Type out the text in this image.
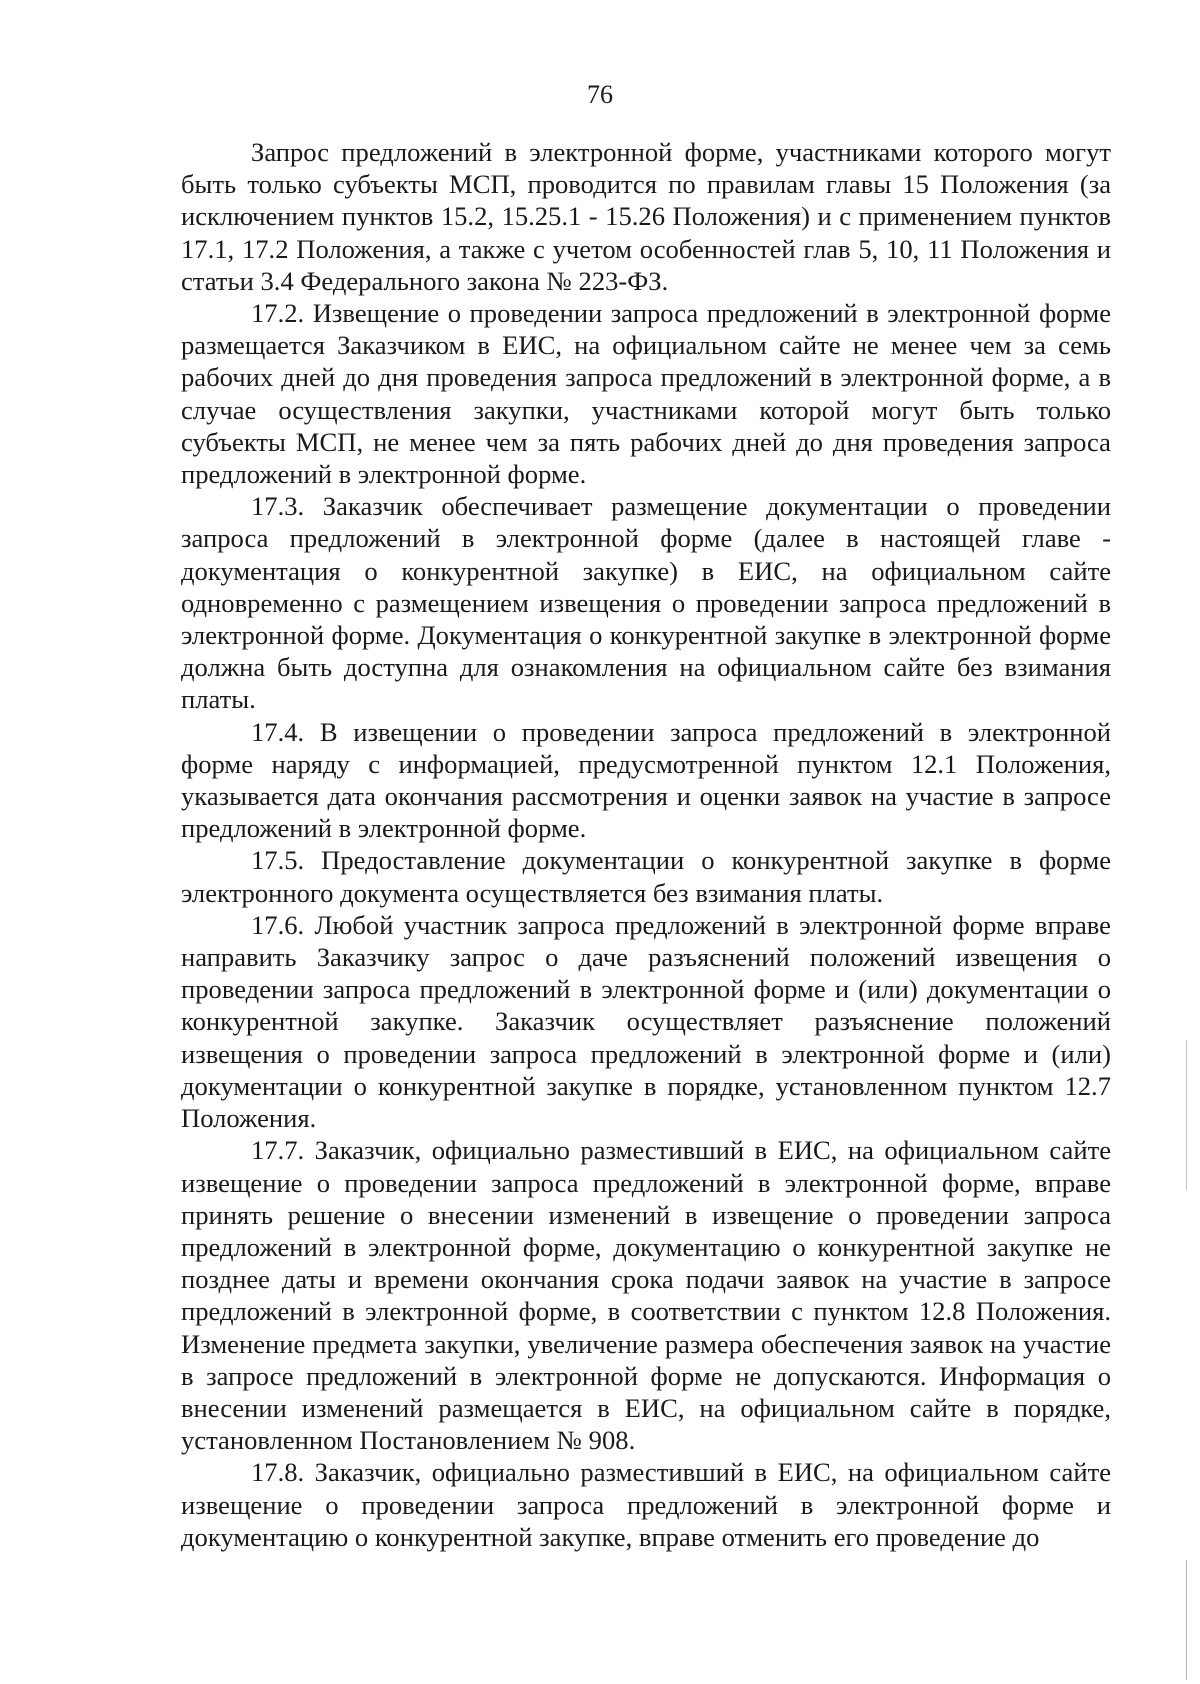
76

Запрос предложений в электронной форме, участниками которого могут быть только субъекты МСП, проводится по правилам главы 15 Положения (за исключением пунктов 15.2, 15.25.1 - 15.26 Положения) и с применением пунктов 17.1, 17.2 Положения, а также с учетом особенностей глав 5, 10, 11 Положения и статьи 3.4 Федерального закона № 223-ФЗ.

17.2. Извещение о проведении запроса предложений в электронной форме размещается Заказчиком в ЕИС, на официальном сайте не менее чем за семь рабочих дней до дня проведения запроса предложений в электронной форме, а в случае осуществления закупки, участниками которой могут быть только субъекты МСП, не менее чем за пять рабочих дней до дня проведения запроса предложений в электронной форме.

17.3. Заказчик обеспечивает размещение документации о проведении запроса предложений в электронной форме (далее в настоящей главе - документация о конкурентной закупке) в ЕИС, на официальном сайте одновременно с размещением извещения о проведении запроса предложений в электронной форме. Документация о конкурентной закупке в электронной форме должна быть доступна для ознакомления на официальном сайте без взимания платы.

17.4. В извещении о проведении запроса предложений в электронной форме наряду с информацией, предусмотренной пунктом 12.1 Положения, указывается дата окончания рассмотрения и оценки заявок на участие в запросе предложений в электронной форме.

17.5. Предоставление документации о конкурентной закупке в форме электронного документа осуществляется без взимания платы.

17.6. Любой участник запроса предложений в электронной форме вправе направить Заказчику запрос о даче разъяснений положений извещения о проведении запроса предложений в электронной форме и (или) документации о конкурентной закупке. Заказчик осуществляет разъяснение положений извещения о проведении запроса предложений в электронной форме и (или) документации о конкурентной закупке в порядке, установленном пунктом 12.7 Положения.

17.7. Заказчик, официально разместивший в ЕИС, на официальном сайте извещение о проведении запроса предложений в электронной форме, вправе принять решение о внесении изменений в извещение о проведении запроса предложений в электронной форме, документацию о конкурентной закупке не позднее даты и времени окончания срока подачи заявок на участие в запросе предложений в электронной форме, в соответствии с пунктом 12.8 Положения. Изменение предмета закупки, увеличение размера обеспечения заявок на участие в запросе предложений в электронной форме не допускаются. Информация о внесении изменений размещается в ЕИС, на официальном сайте в порядке, установленном Постановлением № 908.

17.8. Заказчик, официально разместивший в ЕИС, на официальном сайте извещение о проведении запроса предложений в электронной форме и документацию о конкурентной закупке, вправе отменить его проведение до
